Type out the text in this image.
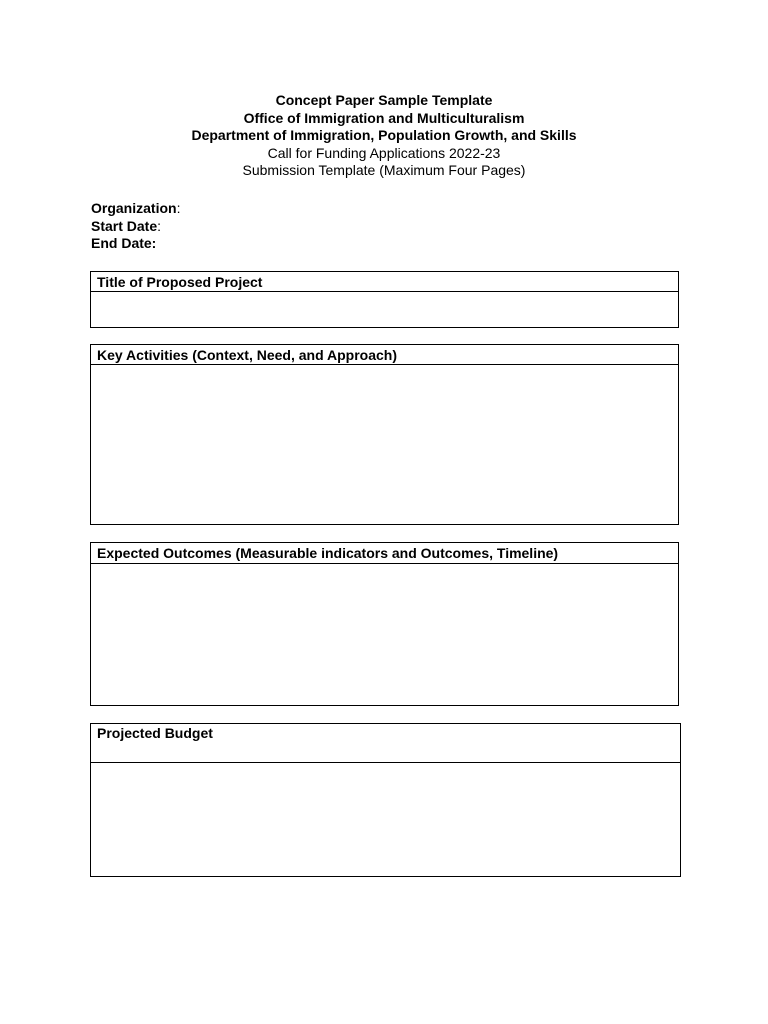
Concept Paper Sample Template
Office of Immigration and Multiculturalism
Department of Immigration, Population Growth, and Skills
Call for Funding Applications 2022-23
Submission Template (Maximum Four Pages)
Organization:
Start Date:
End Date:
Title of Proposed Project
Key Activities (Context, Need, and Approach)
Expected Outcomes (Measurable indicators and Outcomes, Timeline)
Projected Budget
